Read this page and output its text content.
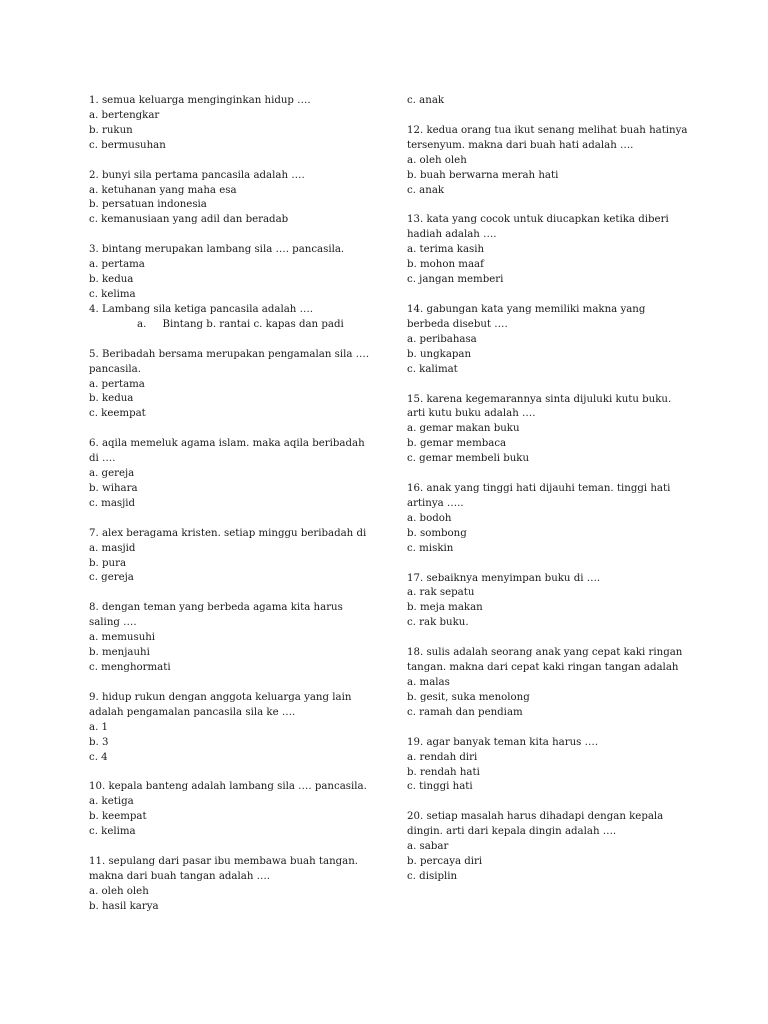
1. semua keluarga menginginkan hidup ….
a. bertengkar
b. rukun
c. bermusuhan
2. bunyi sila pertama pancasila adalah ….
a. ketuhanan yang maha esa
b. persatuan indonesia
c. kemanusiaan yang adil dan beradab
3. bintang merupakan lambang sila …. pancasila.
a. pertama
b. kedua
c. kelima
4. Lambang sila ketiga pancasila adalah ….
a.     Bintang b. rantai c. kapas dan padi
5. Beribadah bersama merupakan pengamalan sila ….
pancasila.
a. pertama
b. kedua
c. keempat
6. aqila memeluk agama islam. maka aqila beribadah
di ….
a. gereja
b. wihara
c. masjid
7. alex beragama kristen. setiap minggu beribadah di
a. masjid
b. pura
c. gereja
8. dengan teman yang berbeda agama kita harus
saling ….
a. memusuhi
b. menjauhi
c. menghormati
9. hidup rukun dengan anggota keluarga yang lain
adalah pengamalan pancasila sila ke ….
a. 1
b. 3
c. 4
10. kepala banteng adalah lambang sila …. pancasila.
a. ketiga
b. keempat
c. kelima
11. sepulang dari pasar ibu membawa buah tangan.
makna dari buah tangan adalah ….
a. oleh oleh
b. hasil karya
c. anak
12. kedua orang tua ikut senang melihat buah hatinya
tersenyum. makna dari buah hati adalah ….
a. oleh oleh
b. buah berwarna merah hati
c. anak
13. kata yang cocok untuk diucapkan ketika diberi
hadiah adalah ….
a. terima kasih
b. mohon maaf
c. jangan memberi
14. gabungan kata yang memiliki makna yang
berbeda disebut ….
a. peribahasa
b. ungkapan
c. kalimat
15. karena kegemarannya sinta dijuluki kutu buku.
arti kutu buku adalah ….
a. gemar makan buku
b. gemar membaca
c. gemar membeli buku
16. anak yang tinggi hati dijauhi teman. tinggi hati
artinya …..
a. bodoh
b. sombong
c. miskin
17. sebaiknya menyimpan buku di ….
a. rak sepatu
b. meja makan
c. rak buku.
18. sulis adalah seorang anak yang cepat kaki ringan
tangan. makna dari cepat kaki ringan tangan adalah
a. malas
b. gesit, suka menolong
c. ramah dan pendiam
19. agar banyak teman kita harus ….
a. rendah diri
b. rendah hati
c. tinggi hati
20. setiap masalah harus dihadapi dengan kepala
dingin. arti dari kepala dingin adalah ….
a. sabar
b. percaya diri
c. disiplin
